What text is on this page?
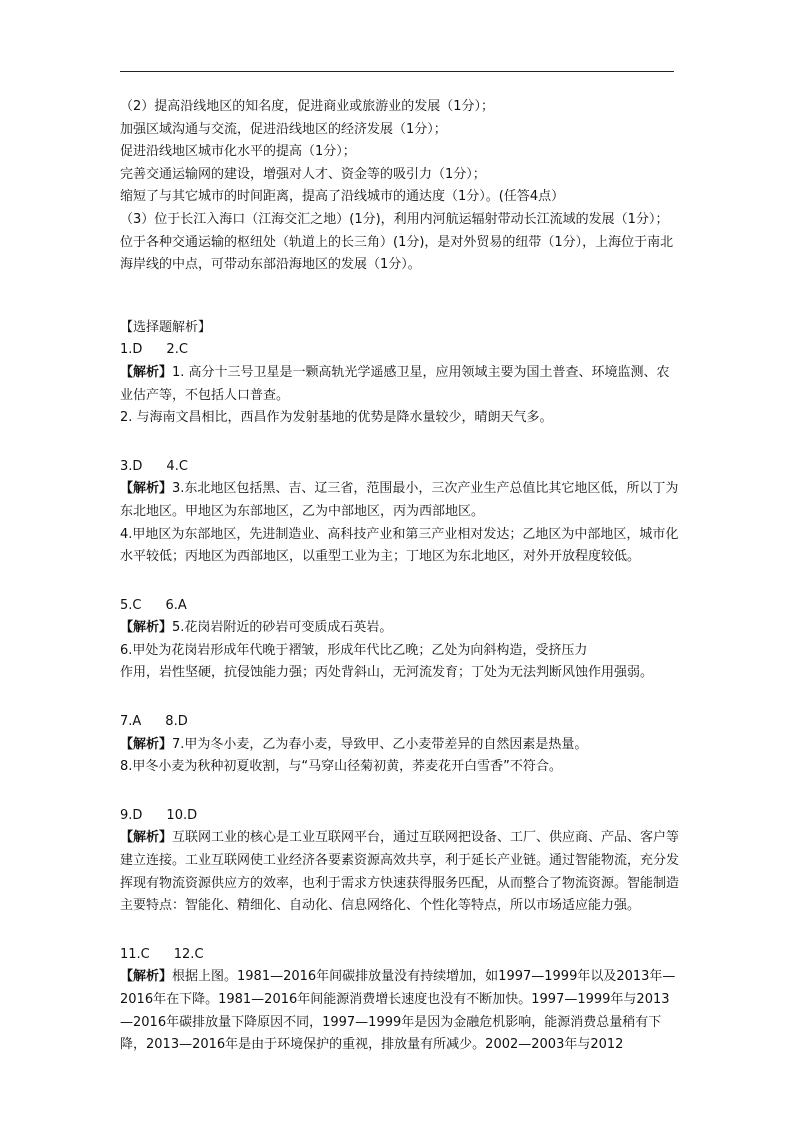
（2）提高沿线地区的知名度，促进商业或旅游业的发展（1分）；

加强区域沟通与交流，促进沿线地区的经济发展（1分）；

促进沿线地区城市化水平的提高（1分）；

完善交通运输网的建设，增强对人才、资金等的吸引力（1分）；

缩短了与其它城市的时间距离，提高了沿线城市的通达度（1分）。(任答4点）

（3）位于长江入海口（江海交汇之地）(1分)，利用内河航运辐射带动长江流域的发展（1分）；位于各种交通运输的枢纽处（轨道上的长三角）(1分)，是对外贸易的纽带（1分），上海位于南北海岸线的中点，可带动东部沿海地区的发展（1分）。

【选择题解析】

1.D 2.C

【解析】1. 高分十三号卫星是一颗高轨光学遥感卫星，应用领域主要为国土普查、环境监测、农业估产等，不包括人口普查。

2. 与海南文昌相比，西昌作为发射基地的优势是降水量较少，晴朗天气多。

3.D 4.C

【解析】3.东北地区包括黑、吉、辽三省，范围最小，三次产业生产总值比其它地区低，所以丁为东北地区。甲地区为东部地区，乙为中部地区，丙为西部地区。

4.甲地区为东部地区，先进制造业、高科技产业和第三产业相对发达；乙地区为中部地区，城市化水平较低；丙地区为西部地区，以重型工业为主；丁地区为东北地区，对外开放程度较低。

5.C 6.A

【解析】5.花岗岩附近的砂岩可变质成石英岩。

6.甲处为花岗岩形成年代晚于褶皱，形成年代比乙晚；乙处为向斜构造，受挤压力

作用，岩性坚硬，抗侵蚀能力强；丙处背斜山，无河流发育；丁处为无法判断风蚀作用强弱。

7.A 8.D

【解析】7.甲为冬小麦，乙为春小麦，导致甲、乙小麦带差异的自然因素是热量。

8.甲冬小麦为秋种初夏收割，与“马穿山径菊初黄，荞麦花开白雪香”不符合。

9.D 10.D

【解析】互联网工业的核心是工业互联网平台，通过互联网把设备、工厂、供应商、产品、客户等建立连接。工业互联网使工业经济各要素资源高效共享，利于延长产业链。通过智能物流，充分发挥现有物流资源供应方的效率，也利于需求方快速获得服务匹配，从而整合了物流资源。智能制造主要特点：智能化、精细化、自动化、信息网络化、个性化等特点，所以市场适应能力强。

11.C 12.C

【解析】根据上图。1981—2016年间碳排放量没有持续增加，如1997—1999年以及2013年—2016年在下降。1981—2016年间能源消费增长速度也没有不断加快。1997—1999年与2013—2016年碳排放量下降原因不同，1997—1999年是因为金融危机影响，能源消费总量稍有下降，2013—2016年是由于环境保护的重视，排放量有所减少。2002—2003年与2012
